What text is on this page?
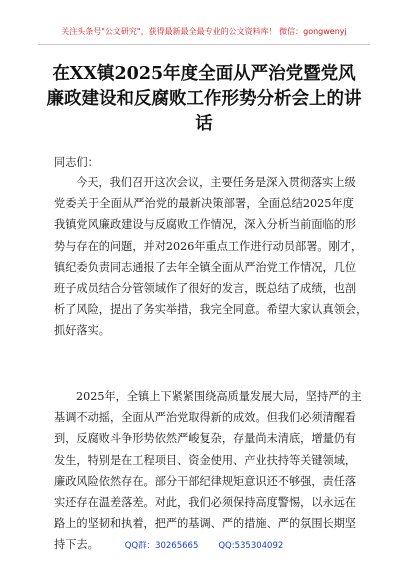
关注头条号"公文研究"，获得最新最全最专业的公文资料库！ 微信：gongwenyj
在XX镇2025年度全面从严治党暨党风
廉政建设和反腐败工作形势分析会上的讲
话
同志们：
今天，我们召开这次会议，主要任务是深入贯彻落实上级
党委关于全面从严治党的最新决策部署，全面总结2025年度
我镇党风廉政建设与反腐败工作情况，深入分析当前面临的形
势与存在的问题，并对2026年重点工作进行动员部署。刚才，
镇纪委负责同志通报了去年全镇全面从严治党工作情况，几位
班子成员结合分管领域作了很好的发言，既总结了成绩，也剖
析了风险，提出了务实举措，我完全同意。希望大家认真领会，
抓好落实。
2025年，全镇上下紧紧围绕高质量发展大局，坚持严的主
基调不动摇，全面从严治党取得新的成效。但我们必须清醒看
到，反腐败斗争形势依然严峻复杂，存量尚未清底，增量仍有
发生，特别是在工程项目、资金使用、产业扶持等关键领域，
廉政风险依然存在。部分干部纪律规矩意识还不够强，责任落
实还存在温差落差。对此，我们必须保持高度警惕，以永远在
路上的坚韧和执着，把严的基调、严的措施、严的氛围长期坚
持下去。	QQ群：30265665 QQ:535304092
